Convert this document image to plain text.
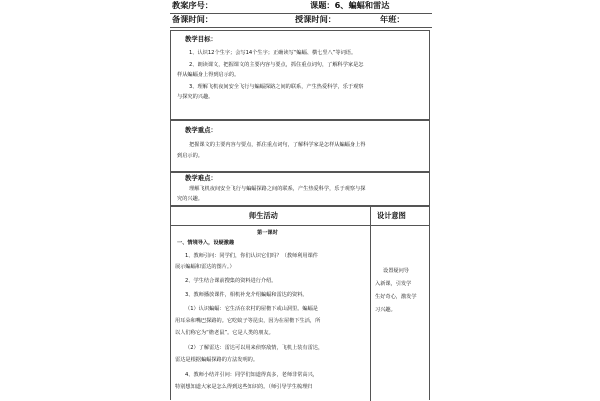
教案序号：	课题：6、蝙蝠和雷达
备课时间：	授课时间：	年班：
教学目标：
1、认识12个生字；会写14个生字；正确读写“蝙蝠、横七竖八”等词语。
2、朗读课文，把握课文的主要内容与要点，抓住重点词句，了解科学家是怎
样从蝙蝠身上得到启示的。
3、理解飞机夜间安全飞行与蝙蝠探路之间的联系，产生热爱科学，乐于观察
与探究的兴趣。
教学重点：
把握课文的主要内容与要点，抓住重点词句，了解科学家是怎样从蝙蝠身上得
到启示的。
教学难点：
理解飞机夜间安全飞行与蝙蝠探路之间的联系，产生热爱科学，乐于观察与探
究的兴趣。
师生活动	设计意图
第一课时
一、情境导入，设疑激趣
1、教师引问：同学们，你们认识它们吗？（教师利用课件
展示蝙蝠和雷达的图片。）
2、学生结合课前搜集的资料进行介绍。
3、教师播放课件，相机补充介绍蝙蝠和雷达的资料。
（1）认识蝙蝠：它生活在农村的屋檐下或山洞里。蝙蝠是
用耳朵和嘴巴探路的。它吃蚊子等昆虫，因为在屋檐下生活，所
以人们称它为“檐老鼠”。它是人类的朋友。
（2）了解雷达：雷达可以用来侦察敌情，飞机上装有雷达，
雷达是根据蝙蝠探路的方法发明的。
4、教师小结并引问：同学们知道得真多，老师非常高兴，
特别想知道大家是怎么得到这些知识的。（师引导学生梳理归
设置疑问导
入新课，引发学
生好奇心，激发学
习兴趣。
